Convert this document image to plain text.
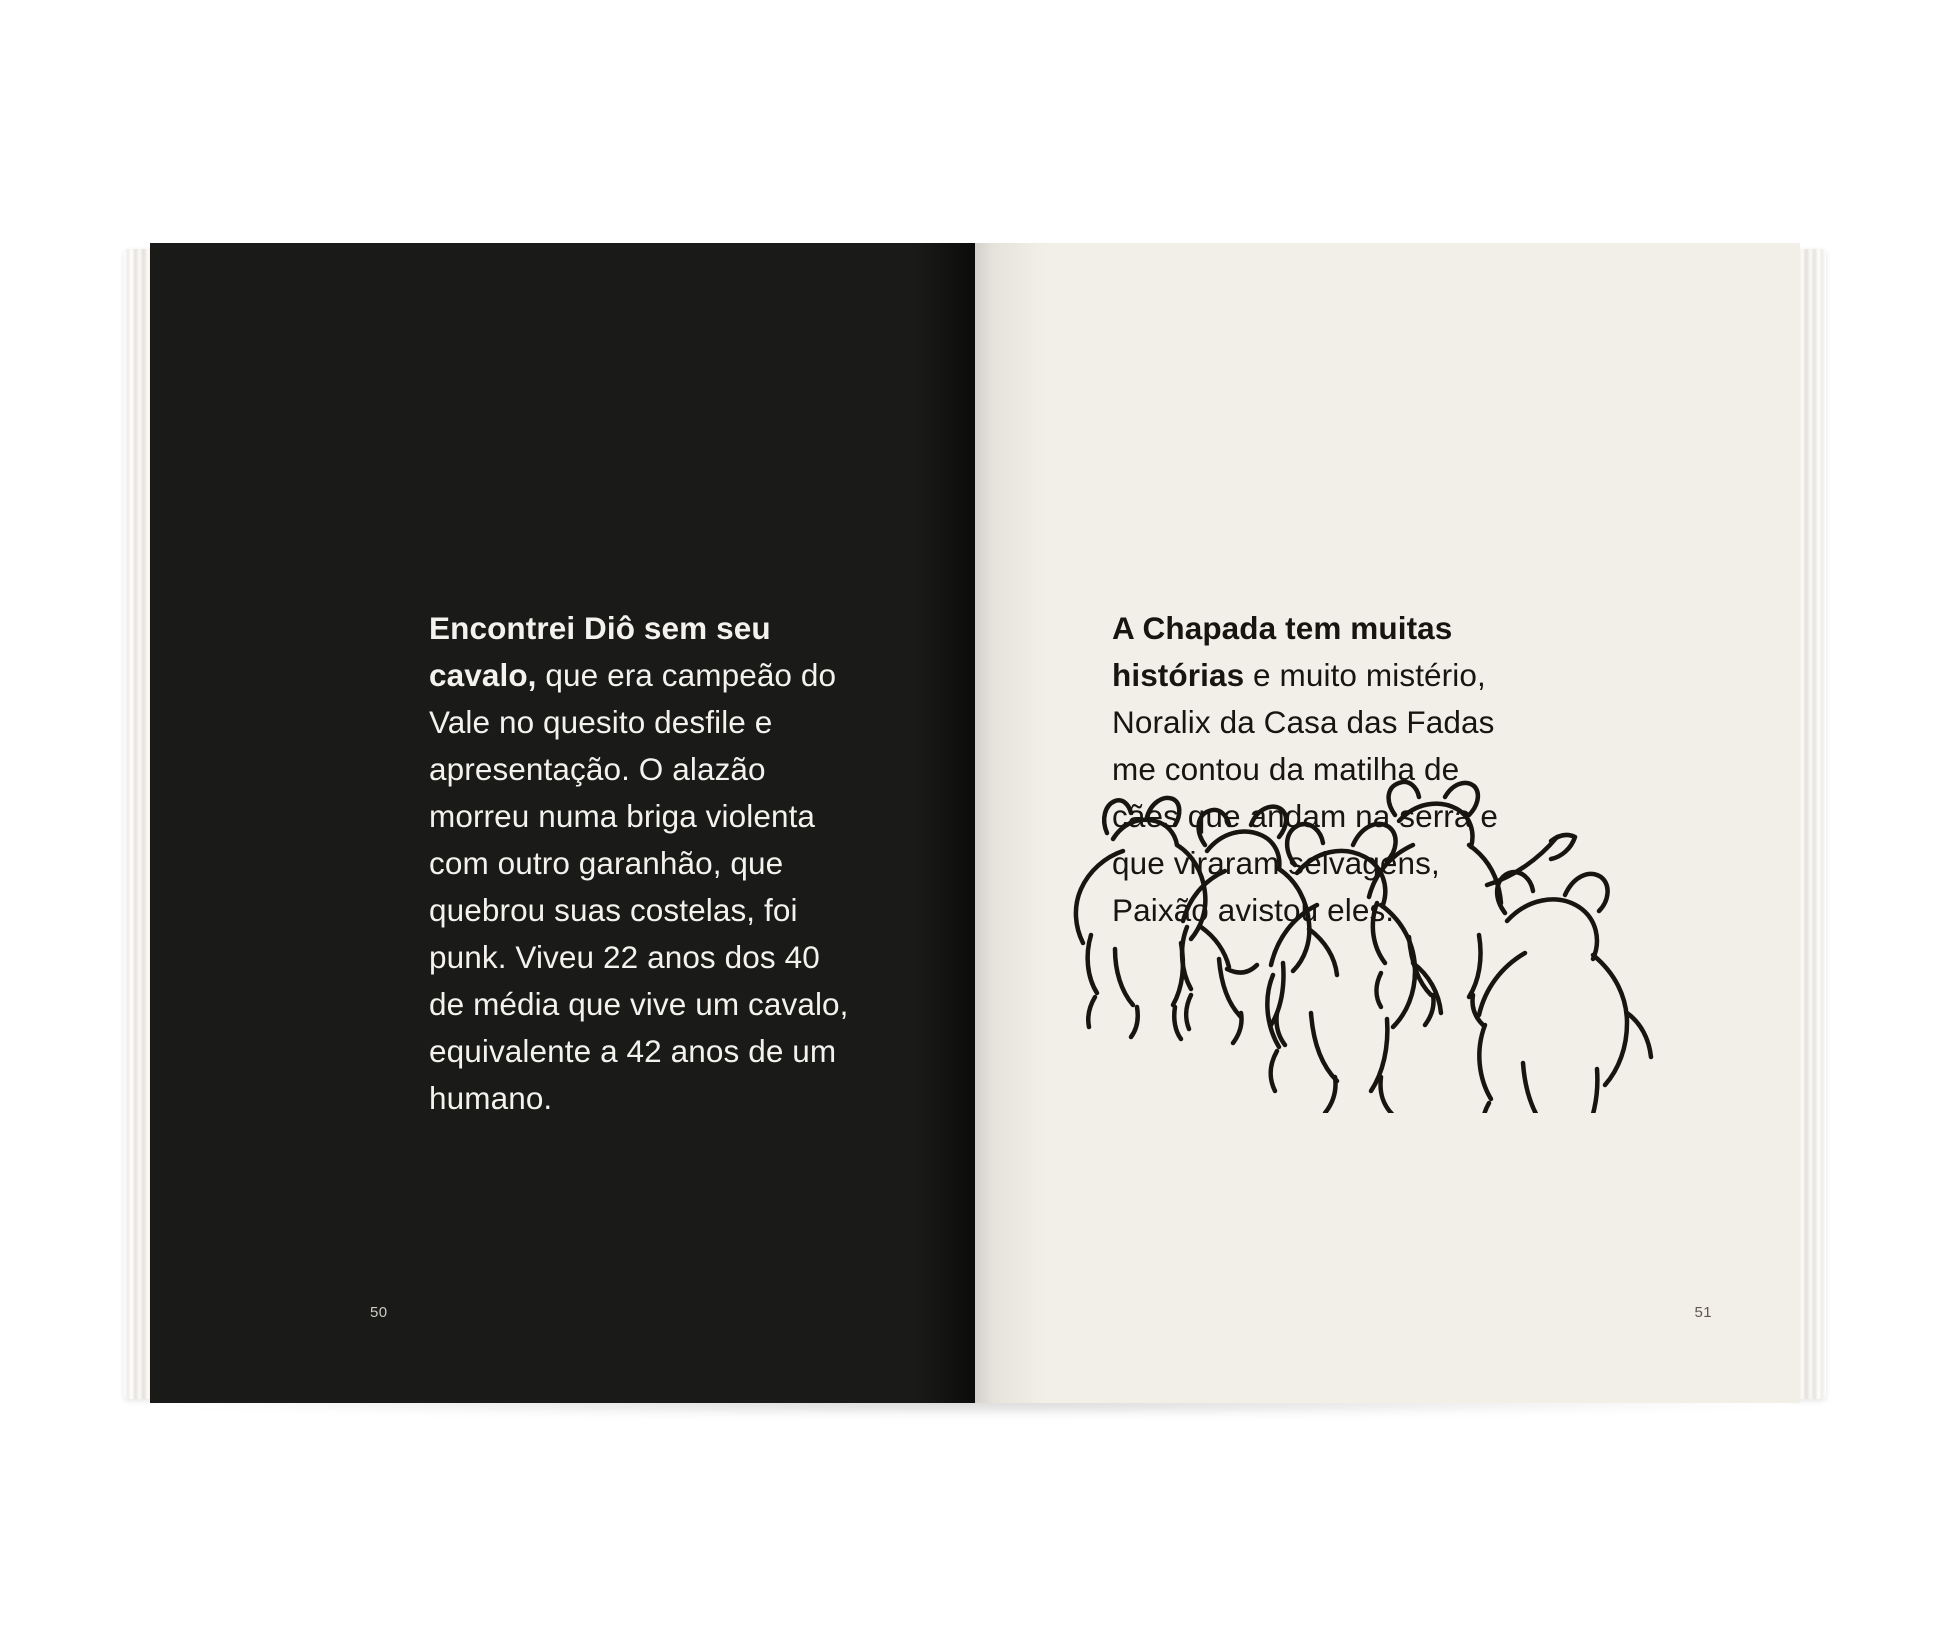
Encontrei Diô sem seu cavalo, que era campeão do Vale no quesito desfile e apresentação. O alazão morreu numa briga violenta com outro garanhão, que quebrou suas costelas, foi punk. Viveu 22 anos dos 40 de média que vive um cavalo, equivalente a 42 anos de um humano.

50

A Chapada tem muitas histórias e muito mistério, Noralix da Casa das Fadas me contou da matilha de cães que andam na serra e que viraram selvagens, Paixão avistou eles.

51
